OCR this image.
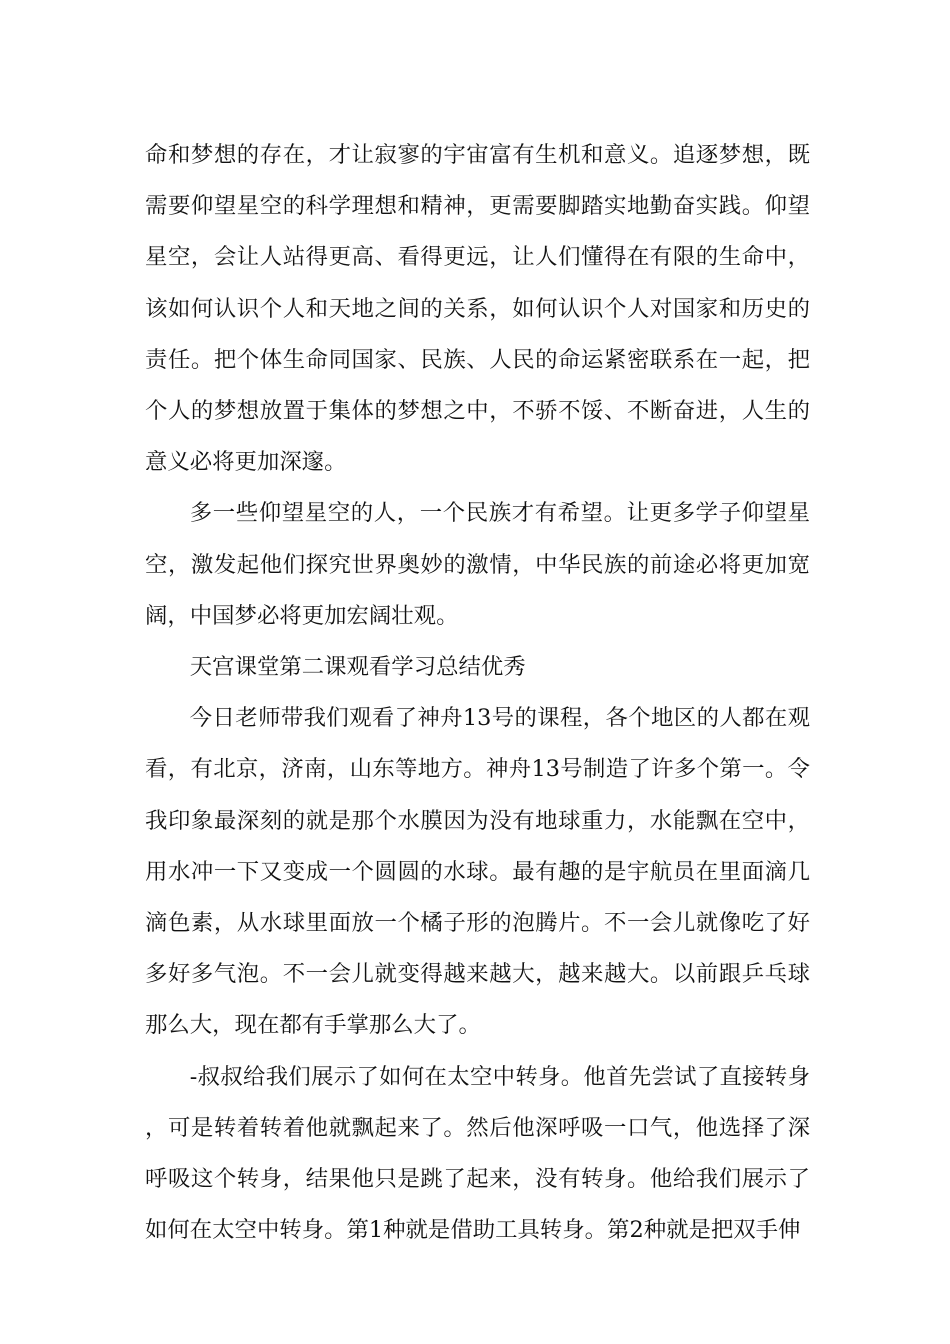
命和梦想的存在，才让寂寥的宇宙富有生机和意义。追逐梦想，既需要仰望星空的科学理想和精神，更需要脚踏实地勤奋实践。仰望星空，会让人站得更高、看得更远，让人们懂得在有限的生命中，该如何认识个人和天地之间的关系，如何认识个人对国家和历史的责任。把个体生命同国家、民族、人民的命运紧密联系在一起，把个人的梦想放置于集体的梦想之中，不骄不馁、不断奋进，人生的意义必将更加深邃。

多一些仰望星空的人，一个民族才有希望。让更多学子仰望星空，激发起他们探究世界奥妙的激情，中华民族的前途必将更加宽阔，中国梦必将更加宏阔壮观。

天宫课堂第二课观看学习总结优秀

今日老师带我们观看了神舟13号的课程，各个地区的人都在观看，有北京，济南，山东等地方。神舟13号制造了许多个第一。令我印象最深刻的就是那个水膜因为没有地球重力，水能飘在空中，用水冲一下又变成一个圆圆的水球。最有趣的是宇航员在里面滴几滴色素，从水球里面放一个橘子形的泡腾片。不一会儿就像吃了好多好多气泡。不一会儿就变得越来越大，越来越大。以前跟乒乓球那么大，现在都有手掌那么大了。

-叔叔给我们展示了如何在太空中转身。他首先尝试了直接转身，可是转着转着他就飘起来了。然后他深呼吸一口气，他选择了深呼吸这个转身，结果他只是跳了起来，没有转身。他给我们展示了如何在太空中转身。第1种就是借助工具转身。第2种就是把双手伸
